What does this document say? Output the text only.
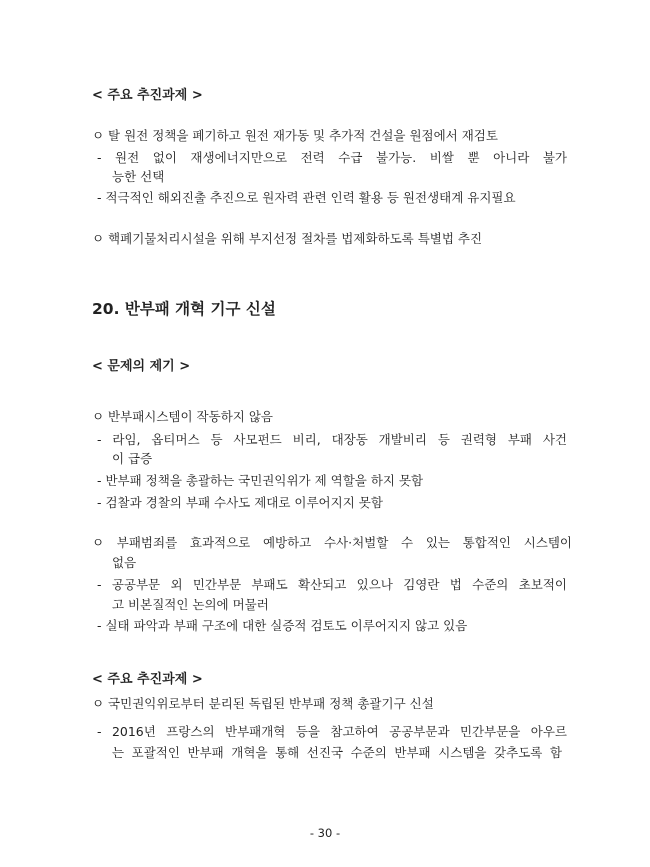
< 주요 추진과제 >
ㅇ 탈 원전 정책을 폐기하고 원전 재가동 및 추가적 건설을 원점에서 재검토
- 원전 없이 재생에너지만으로 전력 수급 불가능. 비쌀 뿐 아니라 불가
능한 선택
- 적극적인 해외진출 추진으로 원자력 관련 인력 활용 등 원전생태계 유지필요
ㅇ 핵폐기물처리시설을 위해 부지선정 절차를 법제화하도록 특별법 추진
20. 반부패 개혁 기구 신설
< 문제의 제기 >
ㅇ 반부패시스템이 작동하지 않음
- 라임, 옵티머스 등 사모펀드 비리, 대장동 개발비리 등 권력형 부패 사건
이 급증
- 반부패 정책을 총괄하는 국민권익위가 제 역할을 하지 못함
- 검찰과 경찰의 부패 수사도 제대로 이루어지지 못함
ㅇ 부패범죄를 효과적으로 예방하고 수사·처벌할 수 있는 통합적인 시스템이
없음
- 공공부문 외 민간부문 부패도 확산되고 있으나 김영란 법 수준의 초보적이
고 비본질적인 논의에 머물러
- 실태 파악과 부패 구조에 대한 실증적 검토도 이루어지지 않고 있음
< 주요 추진과제 >
ㅇ 국민권익위로부터 분리된 독립된 반부패 정책 총괄기구 신설
- 2016년 프랑스의 반부패개혁 등을 참고하여 공공부문과 민간부문을 아우르
는 포괄적인 반부패 개혁을 통해 선진국 수준의 반부패 시스템을 갖추도록 함
- 30 -
